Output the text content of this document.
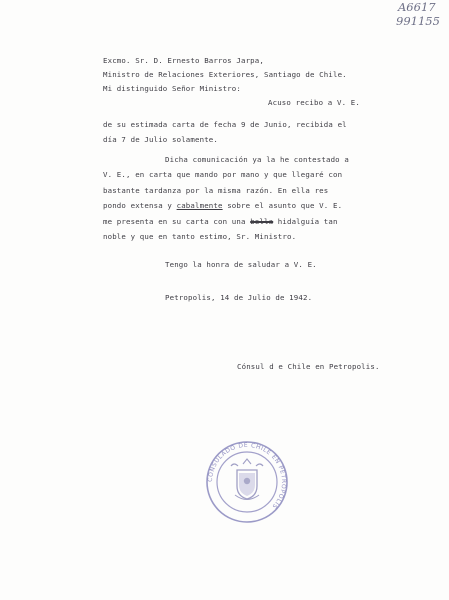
A6617
991155
Excmo. Sr. D. Ernesto Barros Jarpa,
Ministro de Relaciones Exteriores, Santiago de Chile.
Mi distinguido Señor Ministro:
Acuso recibo a V. E.
de su estimada carta de fecha 9 de Junio, recibida el
día 7 de Julio solamente.
Dicha comunicación ya la he contestado a
V. E., en carta que mando por mano y que llegaré con
bastante tardanza por la misma razón. En ella res
pondo extensa y cabalmente sobre el asunto que V. E.
me presenta en su carta con una bella hidalguía tan
noble y que en tanto estimo, Sr. Ministro.
Tengo la honra de saludar a V. E.
Petropolis, 14 de Julio de 1942.
Cónsul d e Chile en Petropolis.
CONSULADO DE CHILE EN PETROPOLIS
